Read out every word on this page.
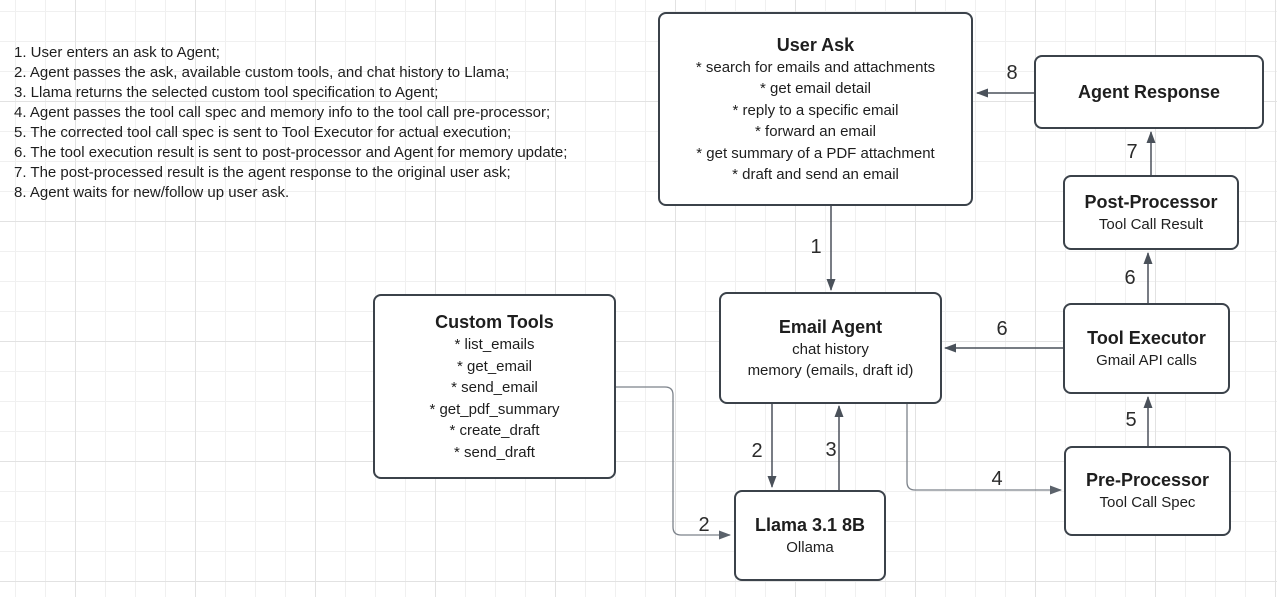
1. User enters an ask to Agent;
2. Agent passes the ask, available custom tools, and chat history to Llama;
3. Llama returns the selected custom tool specification to Agent;
4. Agent passes the tool call spec and memory info to the tool call pre-processor;
5. The corrected tool call spec is sent to Tool Executor for actual execution;
6. The tool execution result is sent to post-processor and Agent for memory update;
7. The post-processed result is the agent response to the original user ask;
8. Agent waits for new/follow up user ask.
1
2	3
2
4
5
6
6
7
8
User Ask
* search for emails and attachments
* get email detail
* reply to a specific email
* forward an email
* get summary of a PDF attachment
* draft and send an email
Agent Response
Post-Processor
Tool Call Result
Tool Executor
Gmail API calls
Pre-Processor
Tool Call Spec
Email Agent
chat history
memory (emails, draft id)
Custom Tools
* list_emails
* get_email
* send_email
* get_pdf_summary
* create_draft
* send_draft
Llama 3.1 8B
Ollama
